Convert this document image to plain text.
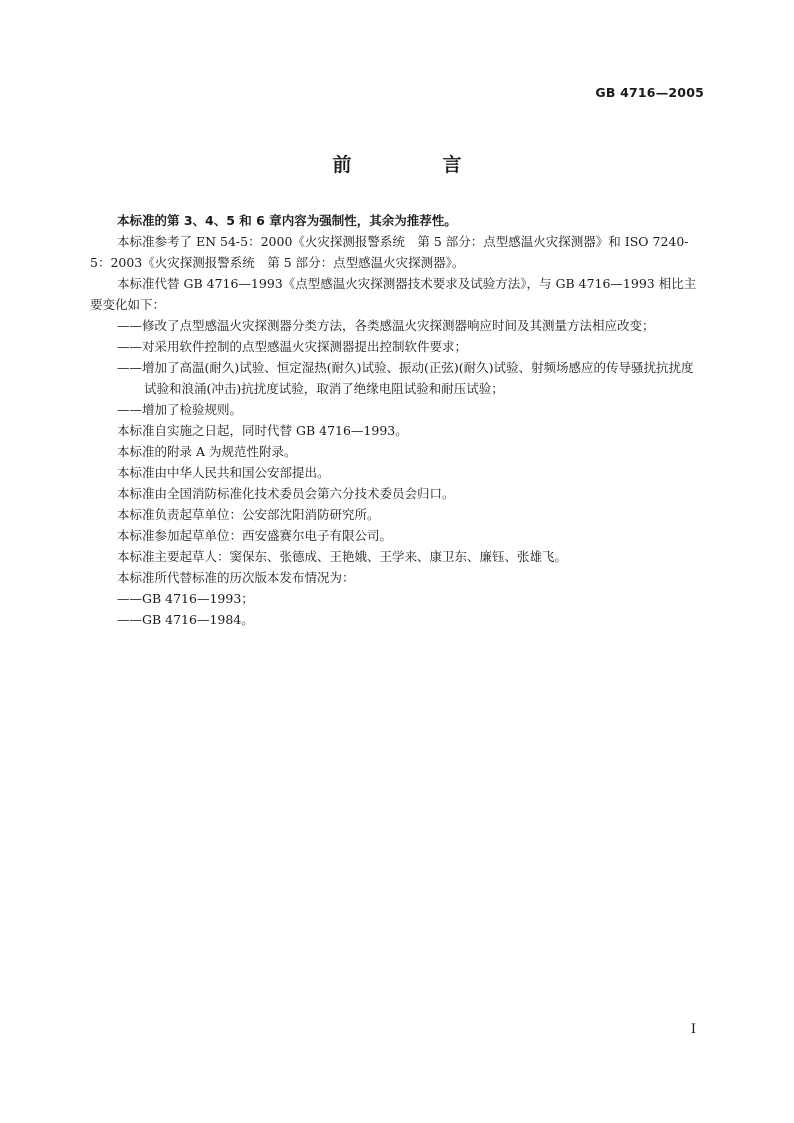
GB 4716—2005
前　言

本标准的第 3、4、5 和 6 章内容为强制性，其余为推荐性。

本标准参考了 EN 54-5：2000《火灾探测报警系统　第 5 部分：点型感温火灾探测器》和 ISO 7240-5：2003《火灾探测报警系统　第 5 部分：点型感温火灾探测器》。

本标准代替 GB 4716—1993《点型感温火灾探测器技术要求及试验方法》，与 GB 4716—1993 相比主要变化如下：

——修改了点型感温火灾探测器分类方法，各类感温火灾探测器响应时间及其测量方法相应改变；

——对采用软件控制的点型感温火灾探测器提出控制软件要求；

——增加了高温(耐久)试验、恒定湿热(耐久)试验、振动(正弦)(耐久)试验、射频场感应的传导骚扰抗扰度试验和浪涌(冲击)抗扰度试验，取消了绝缘电阻试验和耐压试验；

——增加了检验规则。

本标准自实施之日起，同时代替 GB 4716—1993。

本标准的附录 A 为规范性附录。

本标准由中华人民共和国公安部提出。

本标准由全国消防标准化技术委员会第六分技术委员会归口。

本标准负责起草单位：公安部沈阳消防研究所。

本标准参加起草单位：西安盛赛尔电子有限公司。

本标准主要起草人：窦保东、张德成、王艳娥、王学来、康卫东、廉钰、张雄飞。

本标准所代替标准的历次版本发布情况为：

——GB 4716—1993；

——GB 4716—1984。

I
